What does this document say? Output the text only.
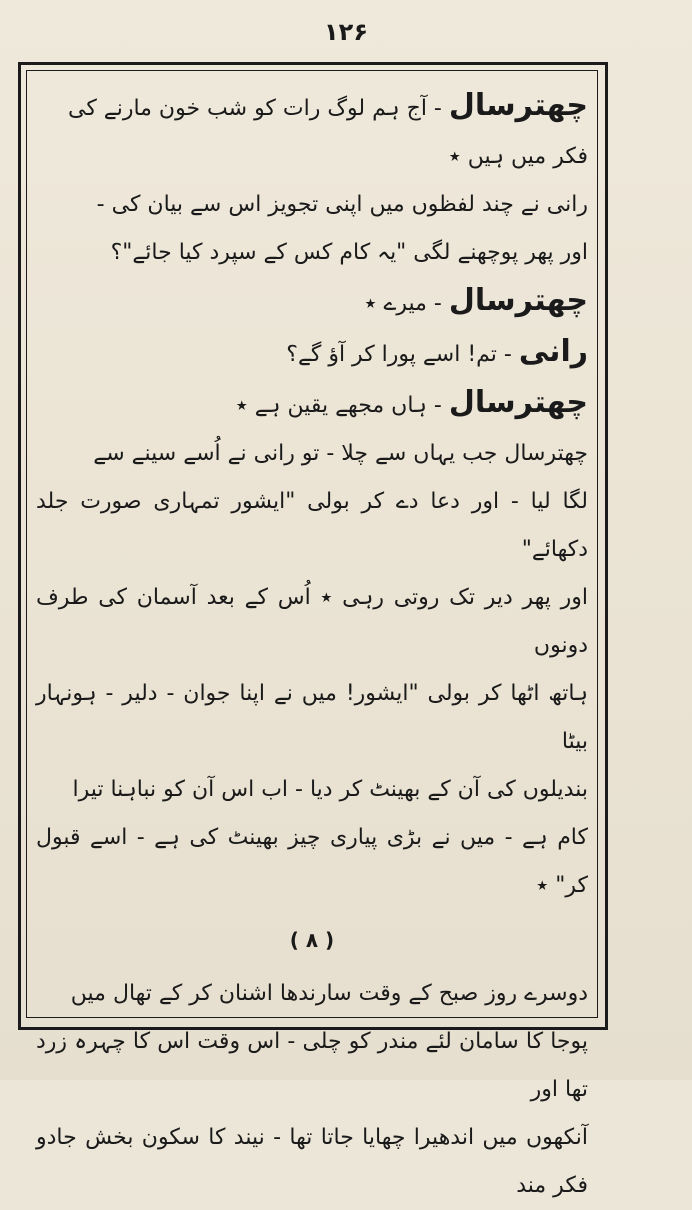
۱۲۶

چھترسال - آج ہم لوگ رات کو شب خون مارنے کی

فکر میں ہیں ٭

رانی نے چند لفظوں میں اپنی تجویز اس سے بیان کی -

اور پھر پوچھنے لگی "یہ کام کس کے سپرد کیا جائے"؟

چھترسال - میرے ٭

رانی - تم! اسے پورا کر آؤ گے؟

چھترسال - ہاں مجھے یقین ہے ٭

چھترسال جب یہاں سے چلا - تو رانی نے اُسے سینے سے

لگا لیا - اور دعا دے کر بولی "ایشور تمہاری صورت جلد دکھائے"

اور پھر دیر تک روتی رہی ٭ اُس کے بعد آسمان کی طرف دونوں

ہاتھ اٹھا کر بولی "ایشور! میں نے اپنا جوان - دلیر - ہونہار بیٹا

بندیلوں کی آن کے بھینٹ کر دیا - اب اس آن کو نباہنا تیرا

کام ہے - میں نے بڑی پیاری چیز بھینٹ کی ہے - اسے قبول کر" ٭

( ۸ )

دوسرے روز صبح کے وقت سارندھا اشنان کر کے تھال میں

پوجا کا سامان لئے مندر کو چلی - اس وقت اس کا چہرہ زرد تھا اور

آنکھوں میں اندھیرا چھایا جاتا تھا - نیند کا سکون بخش جادو فکر مند
